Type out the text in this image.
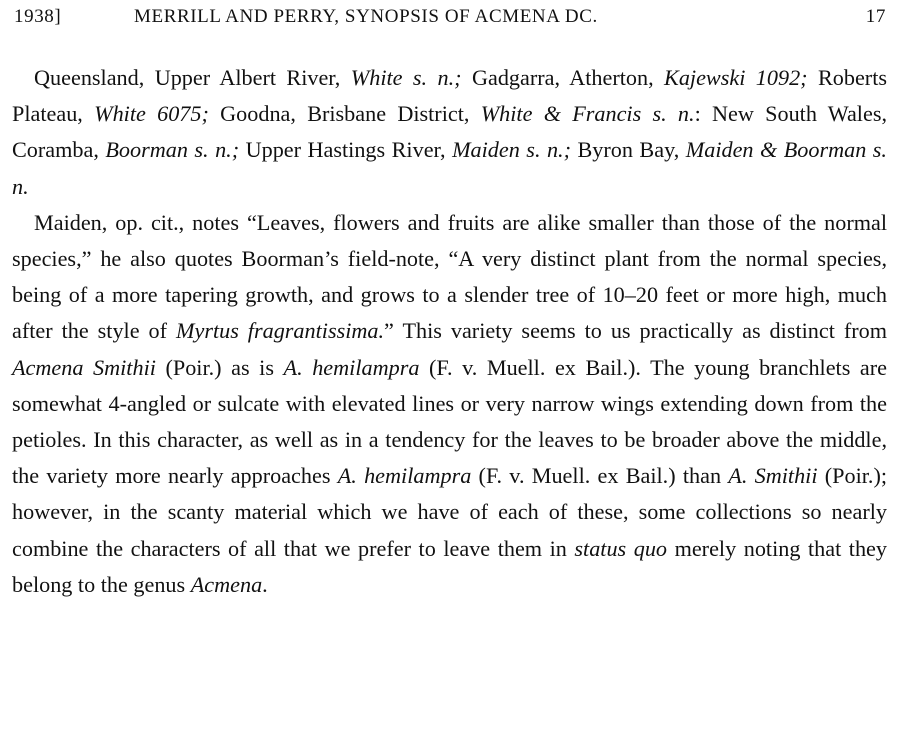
1938]	MERRILL AND PERRY, SYNOPSIS OF ACMENA DC.	17

Queensland, Upper Albert River, White s. n.; Gadgarra, Atherton, Kajewski 1092; Roberts Plateau, White 6075; Goodna, Brisbane District, White & Francis s. n.: New South Wales, Coramba, Boorman s. n.; Upper Hastings River, Maiden s. n.; Byron Bay, Maiden & Boorman s. n.

Maiden, op. cit., notes “Leaves, flowers and fruits are alike smaller than those of the normal species,” he also quotes Boorman’s field-note, “A very distinct plant from the normal species, being of a more tapering growth, and grows to a slender tree of 10–20 feet or more high, much after the style of Myrtus fragrantissima.” This variety seems to us practically as distinct from Acmena Smithii (Poir.) as is A. hemilampra (F. v. Muell. ex Bail.). The young branchlets are somewhat 4-angled or sulcate with elevated lines or very narrow wings extending down from the petioles. In this character, as well as in a tendency for the leaves to be broader above the middle, the variety more nearly approaches A. hemilampra (F. v. Muell. ex Bail.) than A. Smithii (Poir.); however, in the scanty material which we have of each of these, some collections so nearly combine the characters of all that we prefer to leave them in status quo merely noting that they belong to the genus Acmena.
